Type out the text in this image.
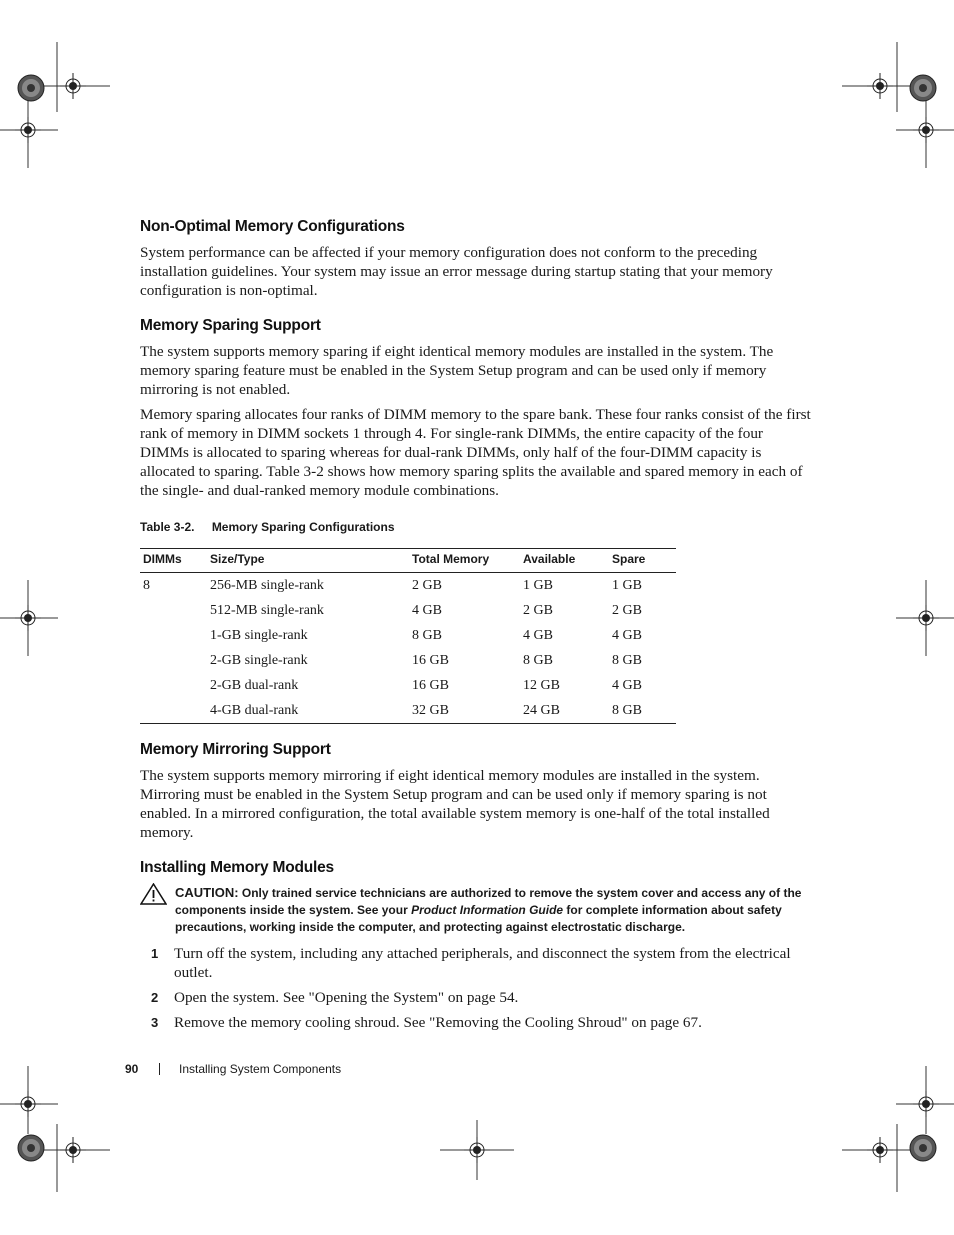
Non-Optimal Memory Configurations

System performance can be affected if your memory configuration does not conform to the preceding installation guidelines. Your system may issue an error message during startup stating that your memory configuration is non-optimal.

Memory Sparing Support

The system supports memory sparing if eight identical memory modules are installed in the system. The memory sparing feature must be enabled in the System Setup program and can be used only if memory mirroring is not enabled.

Memory sparing allocates four ranks of DIMM memory to the spare bank. These four ranks consist of the first rank of memory in DIMM sockets 1 through 4. For single-rank DIMMs, the entire capacity of the four DIMMs is allocated to sparing whereas for dual-rank DIMMs, only half of the four-DIMM capacity is allocated to sparing. Table 3-2 shows how memory sparing splits the available and spared memory in each of the single- and dual-ranked memory module combinations.

Table 3-2. Memory Sparing Configurations
DIMMs	Size/Type	Total Memory	Available	Spare
8	256-MB single-rank	2 GB	1 GB	1 GB
	512-MB single-rank	4 GB	2 GB	2 GB
	1-GB single-rank	8 GB	4 GB	4 GB
	2-GB single-rank	16 GB	8 GB	8 GB
	2-GB dual-rank	16 GB	12 GB	4 GB
	4-GB dual-rank	32 GB	24 GB	8 GB
Memory Mirroring Support

The system supports memory mirroring if eight identical memory modules are installed in the system. Mirroring must be enabled in the System Setup program and can be used only if memory sparing is not enabled. In a mirrored configuration, the total available system memory is one-half of the total installed memory.

Installing Memory Modules
CAUTION: Only trained service technicians are authorized to remove the system cover and access any of the components inside the system. See your Product Information Guide for complete information about safety precautions, working inside the computer, and protecting against electrostatic discharge.
1 Turn off the system, including any attached peripherals, and disconnect the system from the electrical outlet.
2 Open the system. See "Opening the System" on page 54.
3 Remove the memory cooling shroud. See "Removing the Cooling Shroud" on page 67.
90	Installing System Components
